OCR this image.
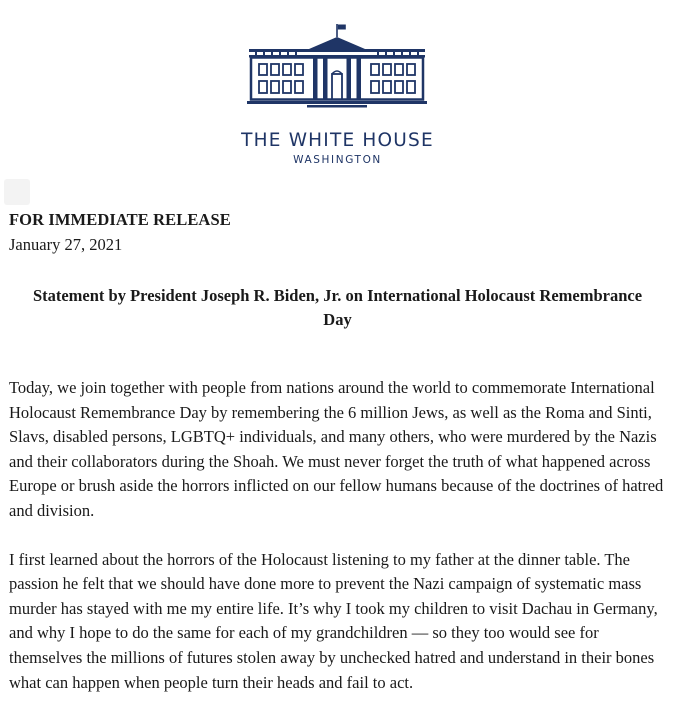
THE WHITE HOUSE
WASHINGTON
FOR IMMEDIATE RELEASE
January 27, 2021
Statement by President Joseph R. Biden, Jr. on International Holocaust Remembrance Day

Today, we join together with people from nations around the world to commemorate International Holocaust Remembrance Day by remembering the 6 million Jews, as well as the Roma and Sinti, Slavs, disabled persons, LGBTQ+ individuals, and many others, who were murdered by the Nazis and their collaborators during the Shoah. We must never forget the truth of what happened across Europe or brush aside the horrors inflicted on our fellow humans because of the doctrines of hatred and division.

I first learned about the horrors of the Holocaust listening to my father at the dinner table. The passion he felt that we should have done more to prevent the Nazi campaign of systematic mass murder has stayed with me my entire life. It’s why I took my children to visit Dachau in Germany, and why I hope to do the same for each of my grandchildren — so they too would see for themselves the millions of futures stolen away by unchecked hatred and understand in their bones what can happen when people turn their heads and fail to act.
